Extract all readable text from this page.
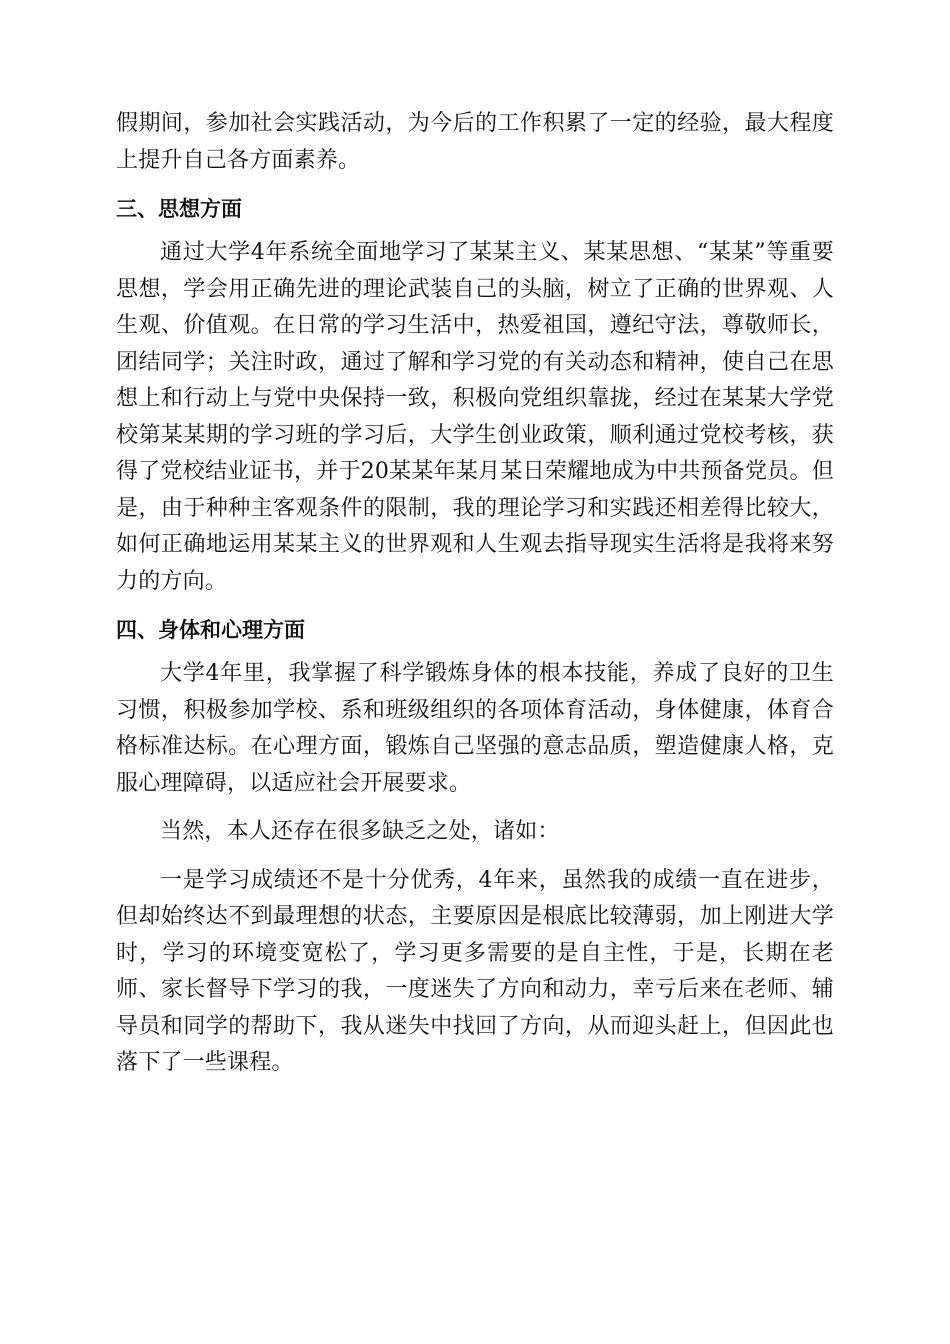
假期间，参加社会实践活动，为今后的工作积累了一定的经验，最大程度上提升自己各方面素养。

三、思想方面

通过大学4年系统全面地学习了某某主义、某某思想、“某某”等重要思想，学会用正确先进的理论武装自己的头脑，树立了正确的世界观、人生观、价值观。在日常的学习生活中，热爱祖国，遵纪守法，尊敬师长，团结同学；关注时政，通过了解和学习党的有关动态和精神，使自己在思想上和行动上与党中央保持一致，积极向党组织靠拢，经过在某某大学党校第某某期的学习班的学习后，大学生创业政策，顺利通过党校考核，获得了党校结业证书，并于20某某年某月某日荣耀地成为中共预备党员。但是，由于种种主客观条件的限制，我的理论学习和实践还相差得比较大，如何正确地运用某某主义的世界观和人生观去指导现实生活将是我将来努力的方向。

四、身体和心理方面

大学4年里，我掌握了科学锻炼身体的根本技能，养成了良好的卫生习惯，积极参加学校、系和班级组织的各项体育活动，身体健康，体育合格标准达标。在心理方面，锻炼自己坚强的意志品质，塑造健康人格，克服心理障碍，以适应社会开展要求。

当然，本人还存在很多缺乏之处，诸如：

一是学习成绩还不是十分优秀，4年来，虽然我的成绩一直在进步，但却始终达不到最理想的状态，主要原因是根底比较薄弱，加上刚进大学时，学习的环境变宽松了，学习更多需要的是自主性，于是，长期在老师、家长督导下学习的我，一度迷失了方向和动力，幸亏后来在老师、辅导员和同学的帮助下，我从迷失中找回了方向，从而迎头赶上，但因此也落下了一些课程。
